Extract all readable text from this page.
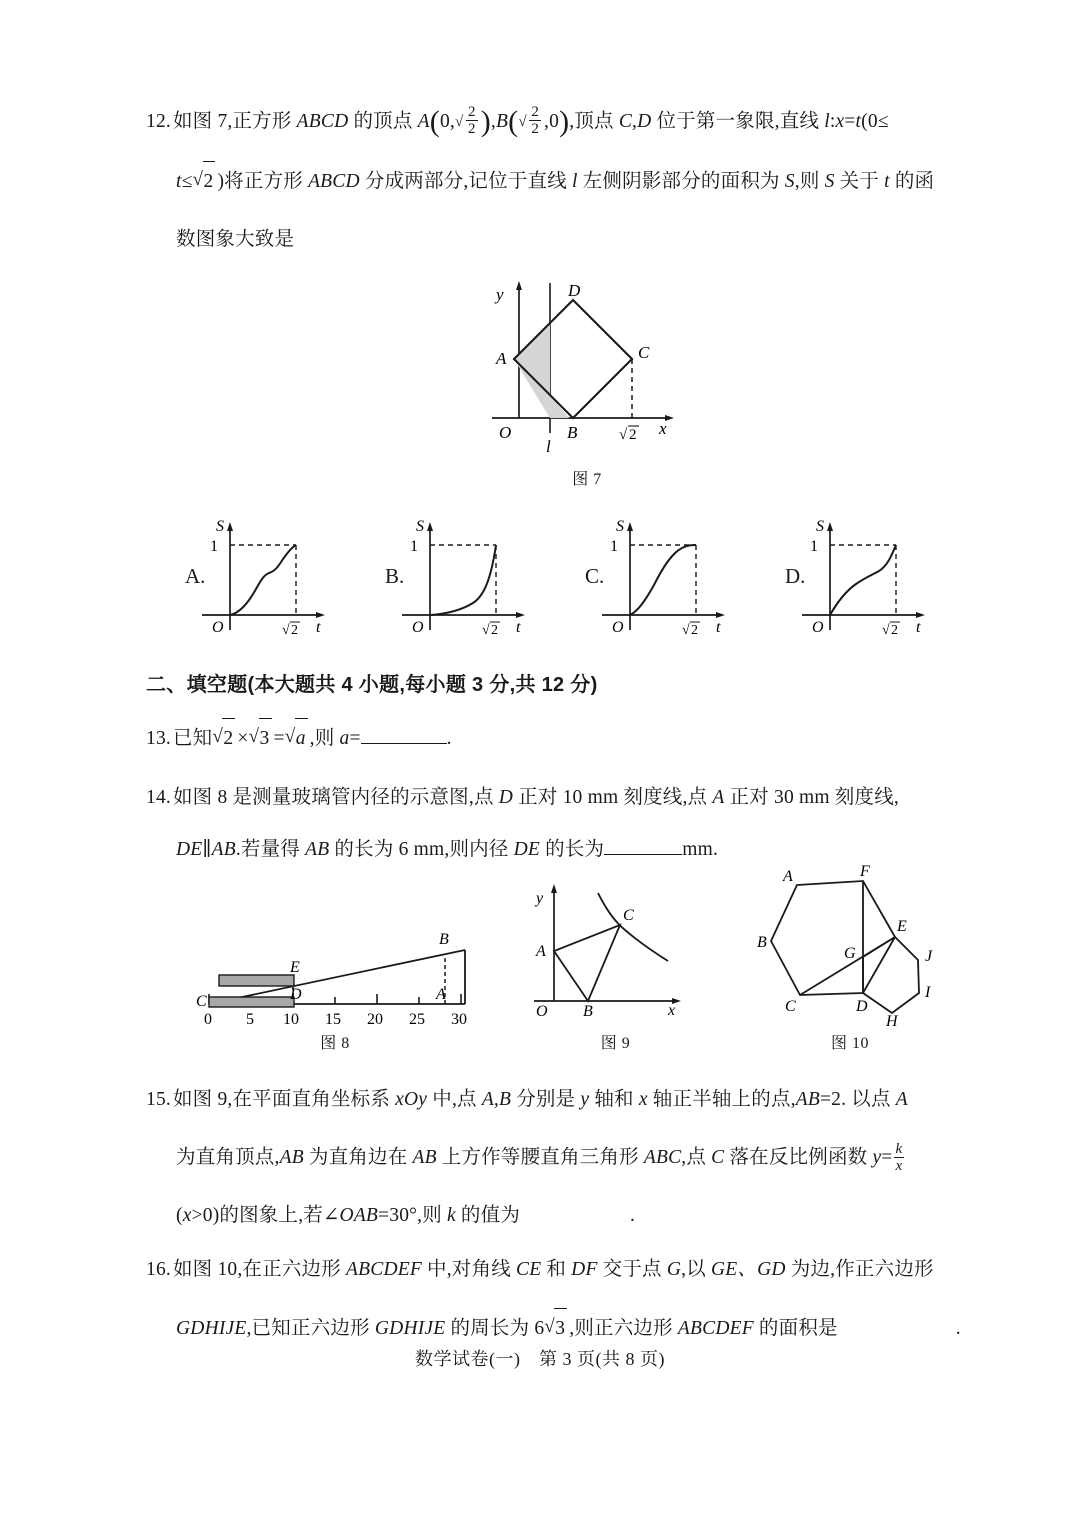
12. 如图 7,正方形 ABCD 的顶点 A(0, √ $\frac{2}{2} ),B$( √ $\frac{2}{2} ,0$),顶点 C,D 位于第一象限,直线 l:x=t(0≤
t≤ √ 2 )将正方形 ABCD 分成两部分,记位于直线 l 左侧阴影部分的面积为 S,则 S 关于 t 的函
数图象大致是
y
x
O
A
B
C
D
l
√ 2
图 7
A.
S
t
O
1
√ 2
B.
S
t
O
1
√ 2
C.
S
t
O
1
√ 2
D.
S
t
O
1
√ 2
二、填空题(本大题共 4 小题,每小题 3 分,共 12 分)
13. 已知 √ 2 × √ 3 = √ a ,则 a=	.
14. 如图 8 是测量玻璃管内径的示意图,点 D 正对 10 mm 刻度线,点 A 正对 30 mm 刻度线,
DE∥AB.若量得 AB 的长为 6 mm,则内径 DE 的长为	mm.
E
D
C
B
A
0 5 10 15 20 25 30
图 8
y
x
O
A
B
C
图 9
A
B
C	D
E
F
G
H
I
J
图 10
15. 如图 9,在平面直角坐标系 xOy 中,点 A,B 分别是 y 轴和 x 轴正半轴上的点,AB=2. 以点 A
为直角顶点,AB 为直角边在 AB 上方作等腰直角三角形 ABC,点 C 落在反比例函数 $y= \frac{k}{x}$
(x>0)的图象上,若∠OAB=30°,则 k 的值为	.
16. 如图 10,在正六边形 ABCDEF 中,对角线 CE 和 DF 交于点 G,以 GE、GD 为边,作正六边形
GDHIJE,已知正六边形 GDHIJE 的周长为 6 √ 3 ,则正六边形 ABCDEF 的面积是	.
数学试卷(一)　第 3 页(共 8 页)
